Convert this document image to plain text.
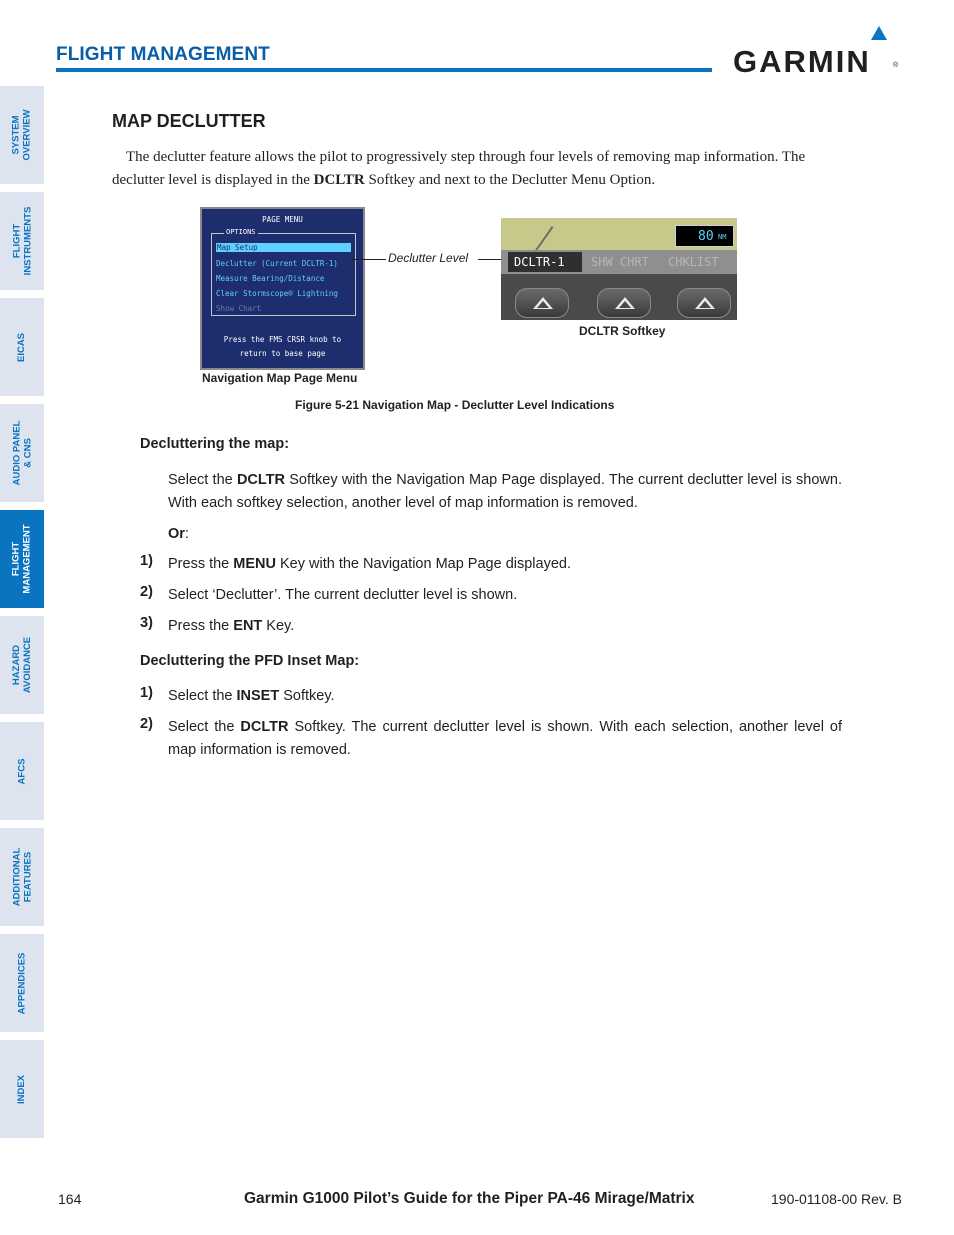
FLIGHT MANAGEMENT	GARMIN	®
SYSTEM OVERVIEW
FLIGHT INSTRUMENTS
EICAS
AUDIO PANEL & CNS
FLIGHT MANAGEMENT
HAZARD AVOIDANCE
AFCS
ADDITIONAL FEATURES
APPENDICES
INDEX
MAP DECLUTTER
The declutter feature allows the pilot to progressively step through four levels of removing map information. The declutter level is displayed in the DCLTR Softkey and next to the Declutter Menu Option.
PAGE MENU
OPTIONS
Map Setup
Declutter (Current DCLTR-1)
Measure Bearing/Distance
Clear Stormscope® Lightning
Show Chart
Press the FMS CRSR knob to
return to base page
Navigation Map Page Menu
Declutter Level
80 NM
DCLTR-1	SHW CHRT	CHKLIST
DCLTR Softkey
Figure 5-21 Navigation Map - Declutter Level Indications
Decluttering the map:
Select the DCLTR Softkey with the Navigation Map Page displayed. The current declutter level is shown. With each softkey selection, another level of map information is removed.
Or:
1) Press the MENU Key with the Navigation Map Page displayed.
2) Select ‘Declutter’. The current declutter level is shown.
3) Press the ENT Key.
Decluttering the PFD Inset Map:
1) Select the INSET Softkey.
2) Select the DCLTR Softkey. The current declutter level is shown. With each selection, another level of map information is removed.
164	Garmin G1000 Pilot’s Guide for the Piper PA-46 Mirage/Matrix	190-01108-00 Rev. B
